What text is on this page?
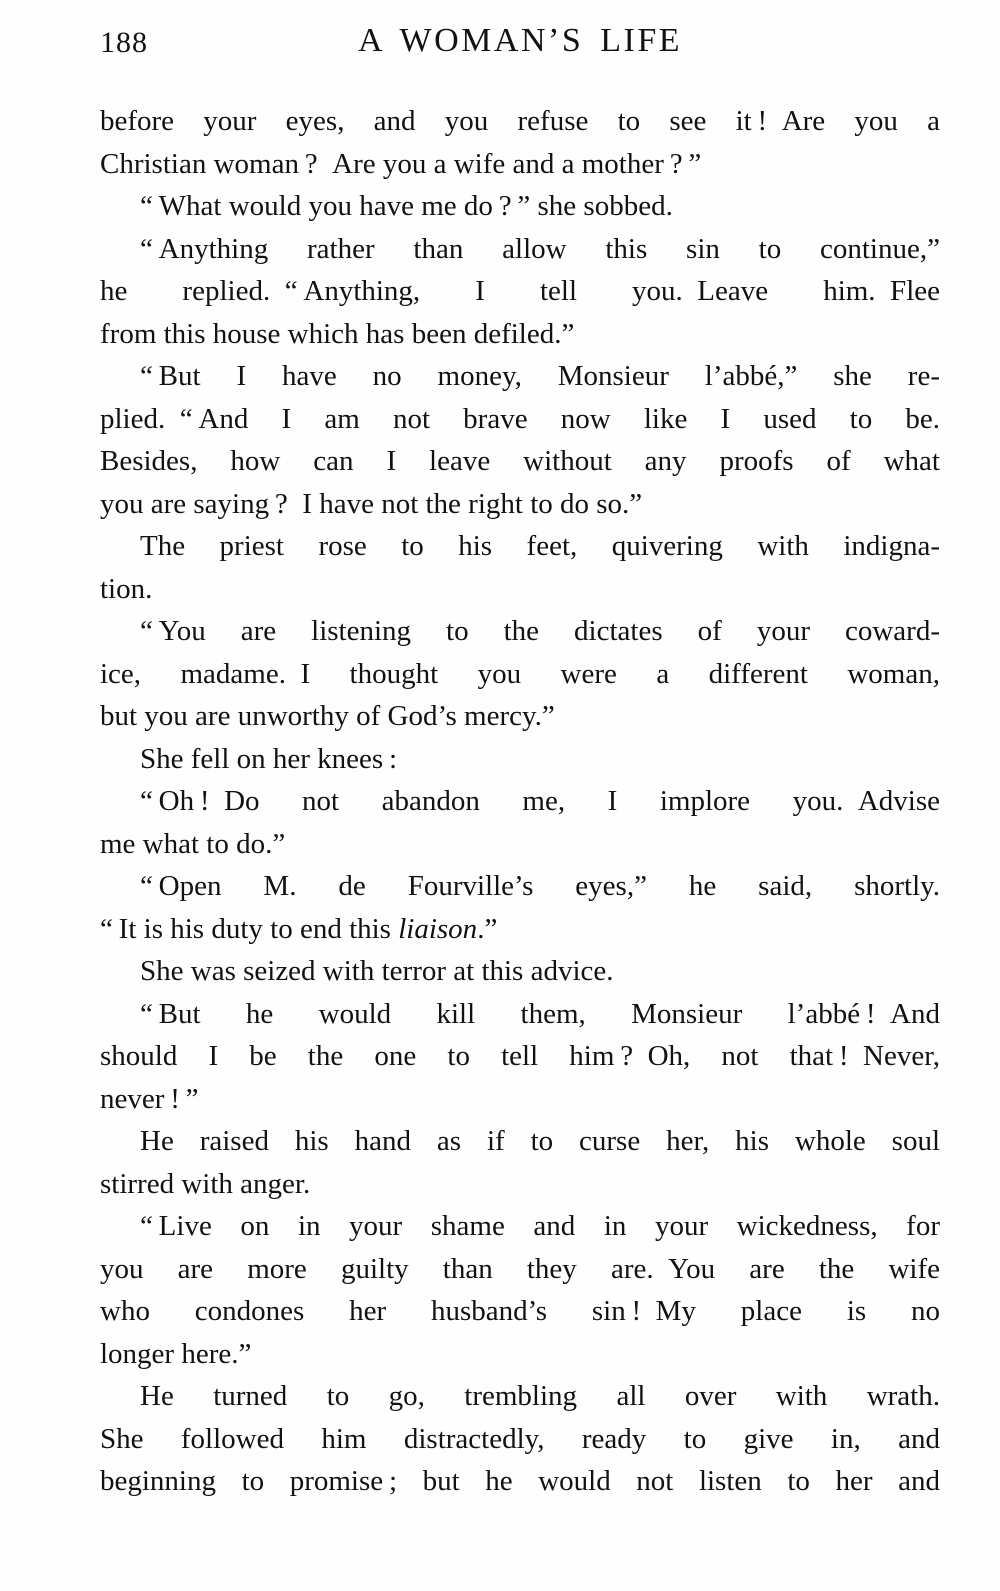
188	A WOMAN’S LIFE
before your eyes, and you refuse to see it ! Are you a
Christian woman ? Are you a wife and a mother ? ”
“ What would you have me do ? ” she sobbed.
“ Anything rather than allow this sin to continue,”
he replied. “ Anything, I tell you. Leave him. Flee
from this house which has been defiled.”
“ But I have no money, Monsieur l’abbé,” she re-
plied. “ And I am not brave now like I used to be.
Besides, how can I leave without any proofs of what
you are saying ? I have not the right to do so.”
The priest rose to his feet, quivering with indigna-
tion.
“ You are listening to the dictates of your coward-
ice, madame. I thought you were a different woman,
but you are unworthy of God’s mercy.”
She fell on her knees :
“ Oh ! Do not abandon me, I implore you. Advise
me what to do.”
“ Open M. de Fourville’s eyes,” he said, shortly.
“ It is his duty to end this liaison.”
She was seized with terror at this advice.
“ But he would kill them, Monsieur l’abbé ! And
should I be the one to tell him ? Oh, not that ! Never,
never ! ”
He raised his hand as if to curse her, his whole soul
stirred with anger.
“ Live on in your shame and in your wickedness, for
you are more guilty than they are. You are the wife
who condones her husband’s sin ! My place is no
longer here.”
He turned to go, trembling all over with wrath.
She followed him distractedly, ready to give in, and
beginning to promise ; but he would not listen to her and
